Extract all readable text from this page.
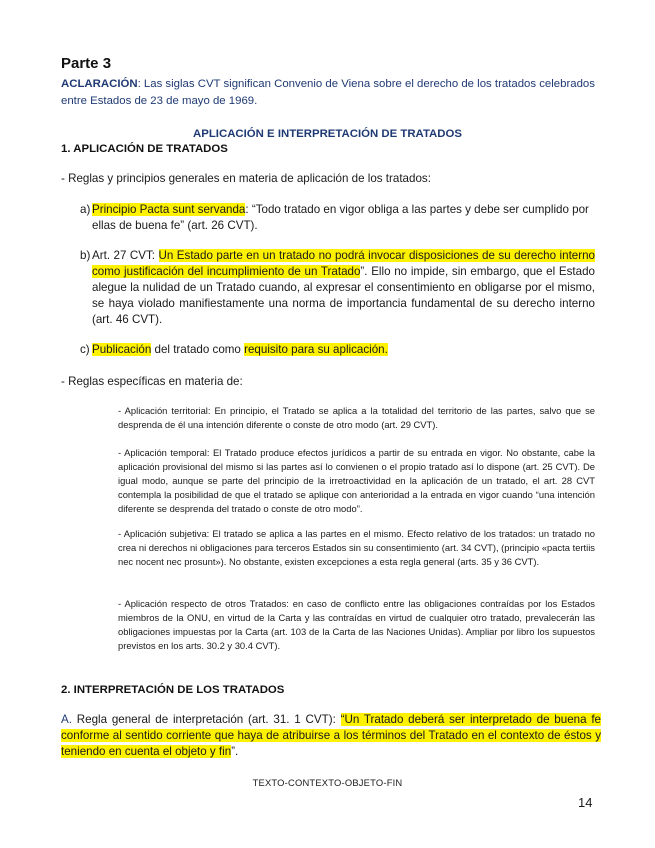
Parte 3
ACLARACIÓN: Las siglas CVT significan Convenio de Viena sobre el derecho de los tratados celebrados entre Estados de 23 de mayo de 1969.
APLICACIÓN E INTERPRETACIÓN DE TRATADOS
1. APLICACIÓN DE TRATADOS
- Reglas y principios generales en materia de aplicación de los tratados:
a) Principio Pacta sunt servanda: “Todo tratado en vigor obliga a las partes y debe ser cumplido por ellas de buena fe” (art. 26 CVT).
b) Art. 27 CVT: Un Estado parte en un tratado no podrá invocar disposiciones de su derecho interno como justificación del incumplimiento de un Tratado”. Ello no impide, sin embargo, que el Estado alegue la nulidad de un Tratado cuando, al expresar el consentimiento en obligarse por el mismo, se haya violado manifiestamente una norma de importancia fundamental de su derecho interno (art. 46 CVT).
c) Publicación del tratado como requisito para su aplicación.
- Reglas específicas en materia de:
- Aplicación territorial: En principio, el Tratado se aplica a la totalidad del territorio de las partes, salvo que se desprenda de él una intención diferente o conste de otro modo (art. 29 CVT).
- Aplicación temporal: El Tratado produce efectos jurídicos a partir de su entrada en vigor. No obstante, cabe la aplicación provisional del mismo si las partes así lo convienen o el propio tratado así lo dispone (art. 25 CVT). De igual modo, aunque se parte del principio de la irretroactividad en la aplicación de un tratado, el art. 28 CVT contempla la posibilidad de que el tratado se aplique con anterioridad a la entrada en vigor cuando “una intención diferente se desprenda del tratado o conste de otro modo”.
- Aplicación subjetiva: El tratado se aplica a las partes en el mismo. Efecto relativo de los tratados: un tratado no crea ni derechos ni obligaciones para terceros Estados sin su consentimiento (art. 34 CVT), (principio «pacta tertiis nec nocent nec prosunt»). No obstante, existen excepciones a esta regla general (arts. 35 y 36 CVT).
- Aplicación respecto de otros Tratados: en caso de conflicto entre las obligaciones contraídas por los Estados miembros de la ONU, en virtud de la Carta y las contraídas en virtud de cualquier otro tratado, prevalecerán las obligaciones impuestas por la Carta (art. 103 de la Carta de las Naciones Unidas). Ampliar por libro los supuestos previstos en los arts. 30.2 y 30.4 CVT).
2. INTERPRETACIÓN DE LOS TRATADOS
A. Regla general de interpretación (art. 31. 1 CVT): “Un Tratado deberá ser interpretado de buena fe conforme al sentido corriente que haya de atribuirse a los términos del Tratado en el contexto de éstos y teniendo en cuenta el objeto y fin”.
TEXTO-CONTEXTO-OBJETO-FIN
14
